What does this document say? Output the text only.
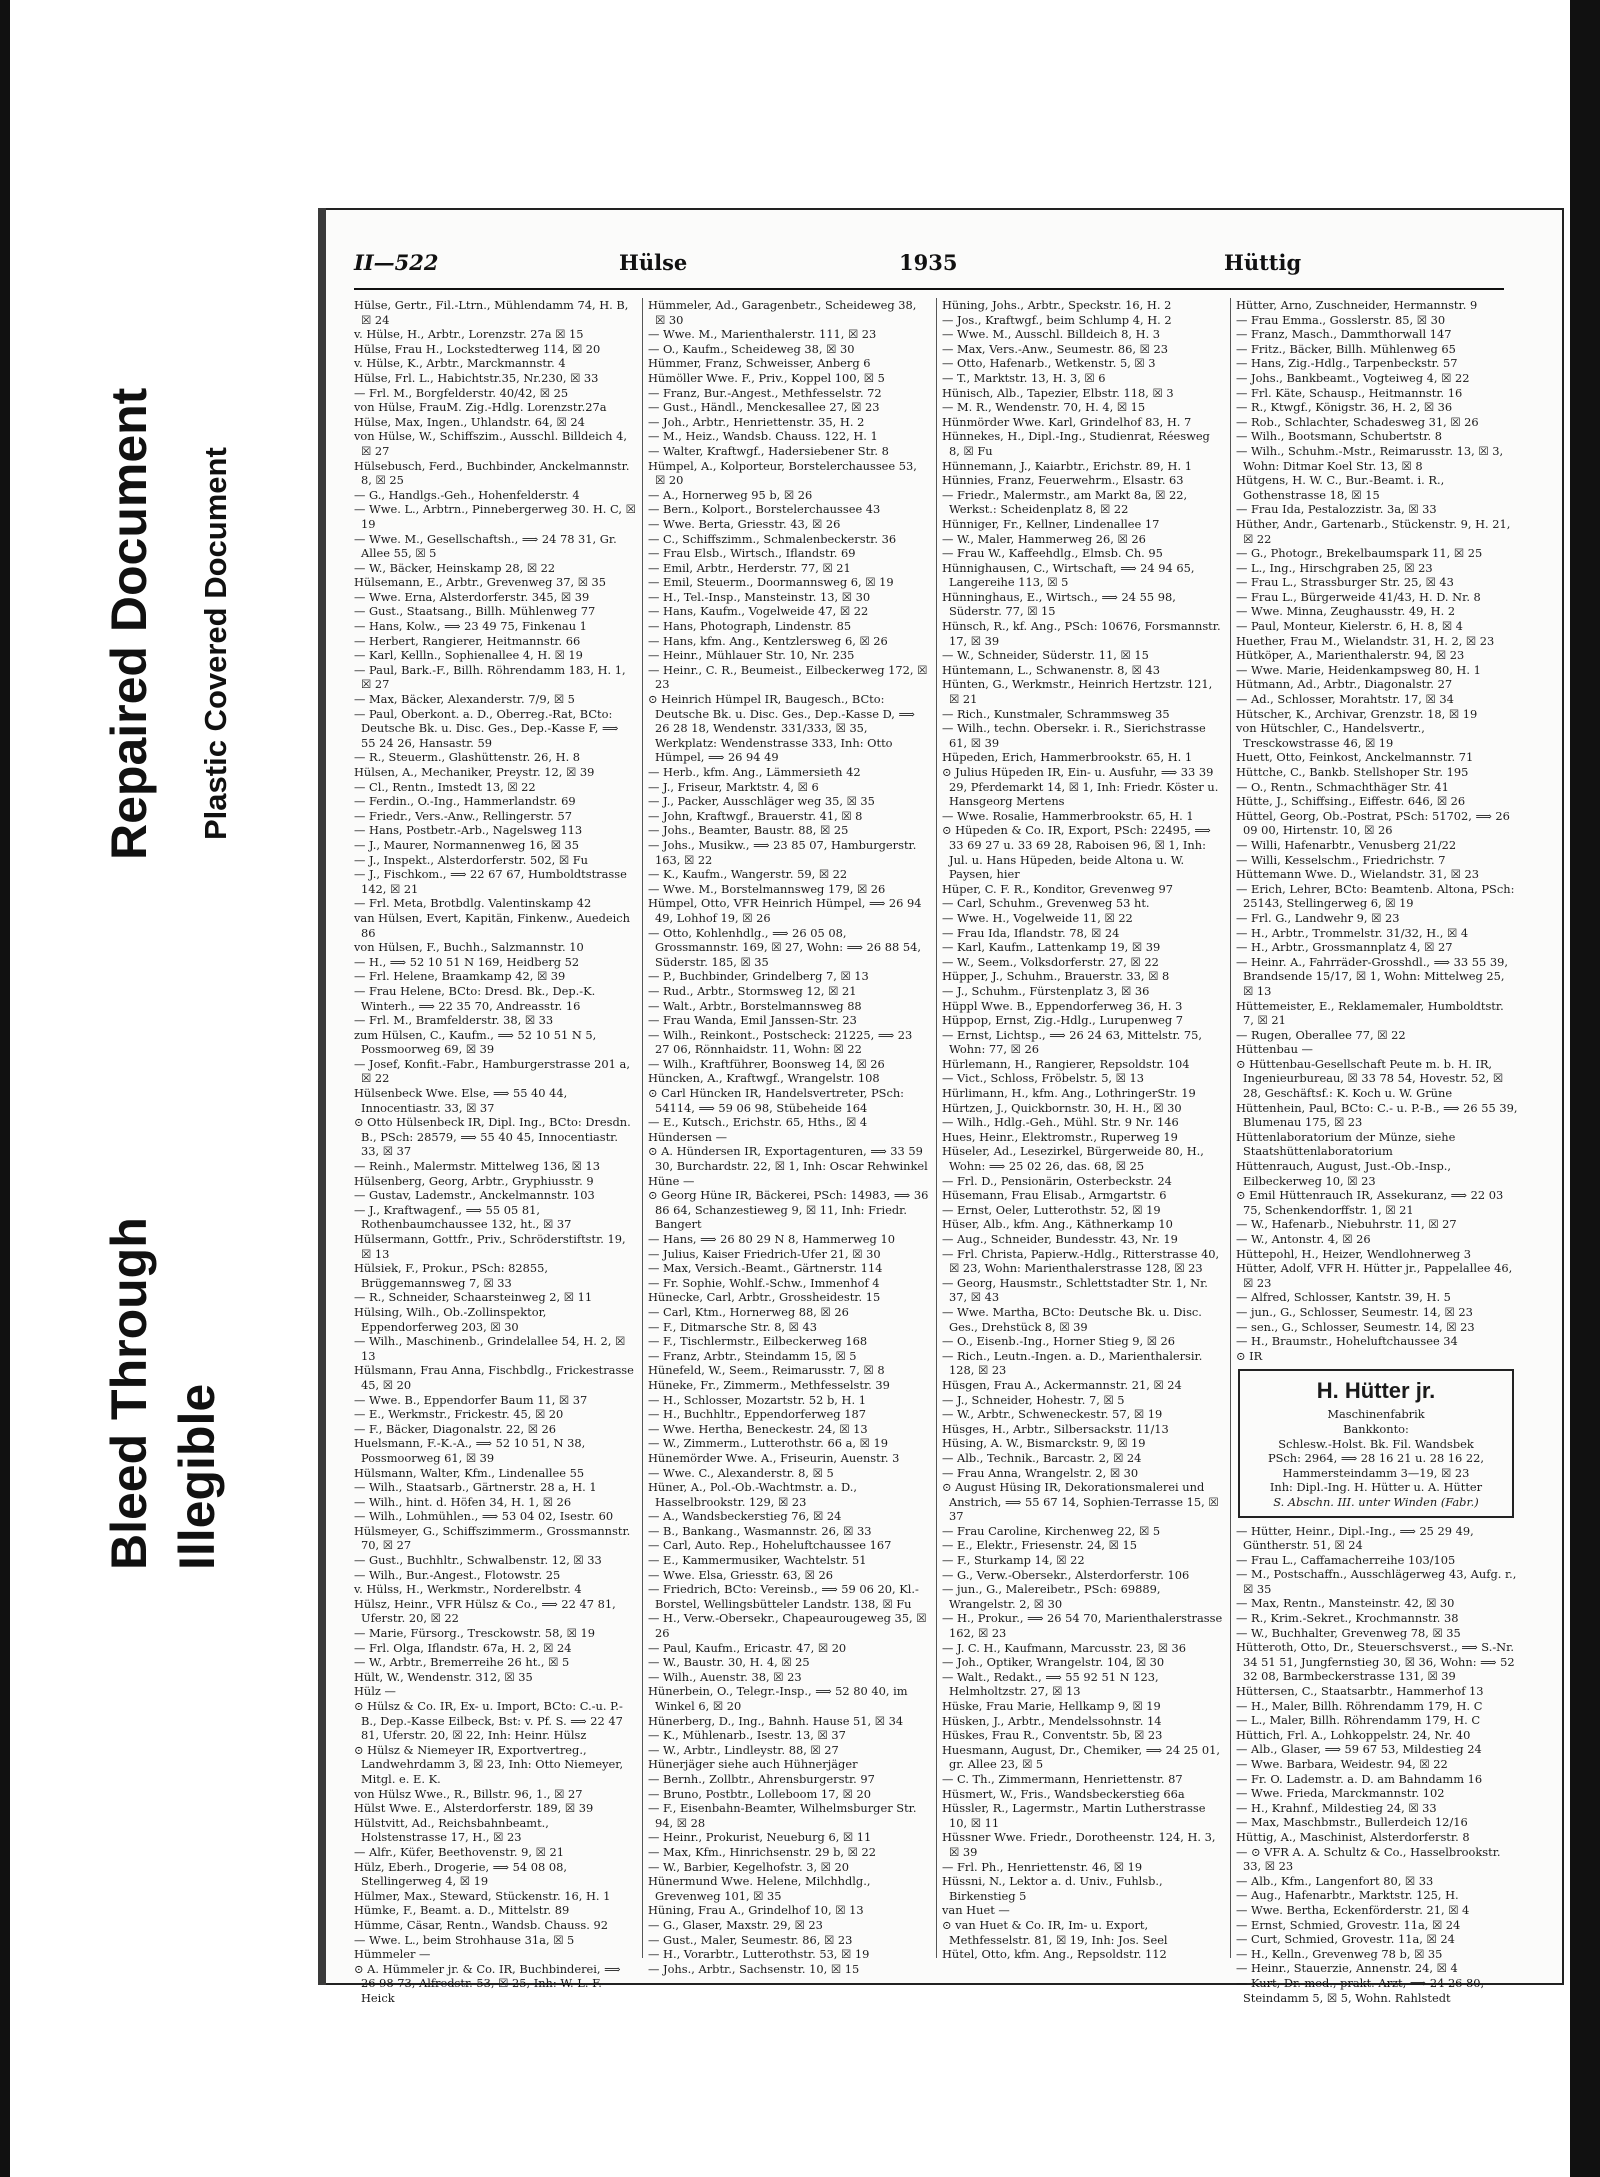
Bleed Through Illegible
Repaired Document Plastic Covered Document
II—522	Hülse	1935	Hüttig

Hülse, Gertr., Fil.-Ltrn., Mühlendamm 74, H. B, ☒ 24

v. Hülse, H., Arbtr., Lorenzstr. 27a ☒ 15

Hülse, Frau H., Lockstedterweg 114, ☒ 20

v. Hülse, K., Arbtr., Marckmannstr. 4

Hülse, Frl. L., Habichtstr.35, Nr.230, ☒ 33

— Frl. M., Borgfelderstr. 40/42, ☒ 25

von Hülse, FrauM. Zig.-Hdlg. Lorenzstr.27a

Hülse, Max, Ingen., Uhlandstr. 64, ☒ 24

von Hülse, W., Schiffszim., Ausschl. Billdeich 4, ☒ 27

Hülsebusch, Ferd., Buchbinder, Anckelmannstr. 8, ☒ 25

— G., Handlgs.-Geh., Hohenfelderstr. 4

— Wwe. L., Arbtrn., Pinnebergerweg 30. H. C, ☒ 19

— Wwe. M., Gesellschaftsh., ⟹ 24 78 31, Gr. Allee 55, ☒ 5

— W., Bäcker, Heinskamp 28, ☒ 22

Hülsemann, E., Arbtr., Grevenweg 37, ☒ 35

— Wwe. Erna, Alsterdorferstr. 345, ☒ 39

— Gust., Staatsang., Billh. Mühlenweg 77

— Hans, Kolw., ⟹ 23 49 75, Finkenau 1

— Herbert, Rangierer, Heitmannstr. 66

— Karl, Kellln., Sophienallee 4, H. ☒ 19

— Paul, Bark.-F., Billh. Röhrendamm 183, H. 1, ☒ 27

— Max, Bäcker, Alexanderstr. 7/9, ☒ 5

— Paul, Oberkont. a. D., Oberreg.-Rat, BCto: Deutsche Bk. u. Disc. Ges., Dep.-Kasse F, ⟹ 55 24 26, Hansastr. 59

— R., Steuerm., Glashüttenstr. 26, H. 8

Hülsen, A., Mechaniker, Preystr. 12, ☒ 39

— Cl., Rentn., Imstedt 13, ☒ 22

— Ferdin., O.-Ing., Hammerlandstr. 69

— Friedr., Vers.-Anw., Rellingerstr. 57

— Hans, Postbetr.-Arb., Nagelsweg 113

— J., Maurer, Normannenweg 16, ☒ 35

— J., Inspekt., Alsterdorferstr. 502, ☒ Fu

— J., Fischkom., ⟹ 22 67 67, Humboldtstrasse 142, ☒ 21

— Frl. Meta, Brotbdlg. Valentinskamp 42

van Hülsen, Evert, Kapitän, Finkenw., Auedeich 86

von Hülsen, F., Buchh., Salzmannstr. 10

— H., ⟹ 52 10 51 N 169, Heidberg 52

— Frl. Helene, Braamkamp 42, ☒ 39

— Frau Helene, BCto: Dresd. Bk., Dep.-K. Winterh., ⟹ 22 35 70, Andreasstr. 16

— Frl. M., Bramfelderstr. 38, ☒ 33

zum Hülsen, C., Kaufm., ⟹ 52 10 51 N 5, Possmoorweg 69, ☒ 39

— Josef, Konfit.-Fabr., Hamburgerstrasse 201 a, ☒ 22

Hülsenbeck Wwe. Else, ⟹ 55 40 44, Innocentiastr. 33, ☒ 37

⊙ Otto Hülsenbeck IR, Dipl. Ing., BCto: Dresdn. B., PSch: 28579, ⟹ 55 40 45, Innocentiastr. 33, ☒ 37

— Reinh., Malermstr. Mittelweg 136, ☒ 13

Hülsenberg, Georg, Arbtr., Gryphiusstr. 9

— Gustav, Lademstr., Anckelmannstr. 103

— J., Kraftwagenf., ⟹ 55 05 81, Rothenbaumchaussee 132, ht., ☒ 37

Hülsermann, Gottfr., Priv., Schröderstiftstr. 19, ☒ 13

Hülsiek, F., Prokur., PSch: 82855, Brüggemannsweg 7, ☒ 33

— R., Schneider, Schaarsteinweg 2, ☒ 11

Hülsing, Wilh., Ob.-Zollinspektor, Eppendorferweg 203, ☒ 30

— Wilh., Maschinenb., Grindelallee 54, H. 2, ☒ 13

Hülsmann, Frau Anna, Fischbdlg., Frickestrasse 45, ☒ 20

— Wwe. B., Eppendorfer Baum 11, ☒ 37

— E., Werkmstr., Frickestr. 45, ☒ 20

— F., Bäcker, Diagonalstr. 22, ☒ 26

Huelsmann, F.-K.-A., ⟹ 52 10 51, N 38, Possmoorweg 61, ☒ 39

Hülsmann, Walter, Kfm., Lindenallee 55

— Wilh., Staatsarb., Gärtnerstr. 28 a, H. 1

— Wilh., hint. d. Höfen 34, H. 1, ☒ 26

— Wilh., Lohmühlen., ⟹ 53 04 02, Isestr. 60

Hülsmeyer, G., Schiffszimmerm., Grossmannstr. 70, ☒ 27

— Gust., Buchhltr., Schwalbenstr. 12, ☒ 33

— Wilh., Bur.-Angest., Flotowstr. 25

v. Hülss, H., Werkmstr., Norderelbstr. 4

Hülsz, Heinr., VFR Hülsz & Co., ⟹ 22 47 81, Uferstr. 20, ☒ 22

— Marie, Fürsorg., Tresckowstr. 58, ☒ 19

— Frl. Olga, Iflandstr. 67a, H. 2, ☒ 24

— W., Arbtr., Bremerreihe 26 ht., ☒ 5

Hült, W., Wendenstr. 312, ☒ 35

Hülz —

⊙ Hülsz & Co. IR, Ex- u. Import, BCto: C.-u. P.-B., Dep.-Kasse Eilbeck, Bst: v. Pf. S. ⟹ 22 47 81, Uferstr. 20, ☒ 22, Inh: Heinr. Hülsz

⊙ Hülsz & Niemeyer IR, Exportvertreg., Landwehrdamm 3, ☒ 23, Inh: Otto Niemeyer, Mitgl. e. E. K.

von Hülsz Wwe., R., Billstr. 96, 1., ☒ 27

Hülst Wwe. E., Alsterdorferstr. 189, ☒ 39

Hülstvitt, Ad., Reichsbahnbeamt., Holstenstrasse 17, H., ☒ 23

— Alfr., Küfer, Beethovenstr. 9, ☒ 21

Hülz, Eberh., Drogerie, ⟹ 54 08 08, Stellingerweg 4, ☒ 19

Hülmer, Max., Steward, Stückenstr. 16, H. 1

Hümke, F., Beamt. a. D., Mittelstr. 89

Hümme, Cäsar, Rentn., Wandsb. Chauss. 92

— Wwe. L., beim Strohhause 31a, ☒ 5

Hümmeler —

⊙ A. Hümmeler jr. & Co. IR, Buchbinderei, ⟹ 26 98 73, Alfredstr. 53, ☒ 25, Inh: W. L. F. Heick

Hümmeler, Ad., Garagenbetr., Scheideweg 38, ☒ 30

— Wwe. M., Marienthalerstr. 111, ☒ 23

— O., Kaufm., Scheideweg 38, ☒ 30

Hümmer, Franz, Schweisser, Anberg 6

Hümöller Wwe. F., Priv., Koppel 100, ☒ 5

— Franz, Bur.-Angest., Methfesselstr. 72

— Gust., Händl., Menckesallee 27, ☒ 23

— Joh., Arbtr., Henriettenstr. 35, H. 2

— M., Heiz., Wandsb. Chauss. 122, H. 1

— Walter, Kraftwgf., Hadersiebener Str. 8

Hümpel, A., Kolporteur, Borstelerchaussee 53, ☒ 20

— A., Hornerweg 95 b, ☒ 26

— Bern., Kolport., Borstelerchaussee 43

— Wwe. Berta, Griesstr. 43, ☒ 26

— C., Schiffszimm., Schmalenbeckerstr. 36

— Frau Elsb., Wirtsch., Iflandstr. 69

— Emil, Arbtr., Herderstr. 77, ☒ 21

— Emil, Steuerm., Doormannsweg 6, ☒ 19

— H., Tel.-Insp., Mansteinstr. 13, ☒ 30

— Hans, Kaufm., Vogelweide 47, ☒ 22

— Hans, Photograph, Lindenstr. 85

— Hans, kfm. Ang., Kentzlersweg 6, ☒ 26

— Heinr., Mühlauer Str. 10, Nr. 235

— Heinr., C. R., Beumeist., Eilbeckerweg 172, ☒ 23

⊙ Heinrich Hümpel IR, Baugesch., BCto: Deutsche Bk. u. Disc. Ges., Dep.-Kasse D, ⟹ 26 28 18, Wendenstr. 331/333, ☒ 35, Werkplatz: Wendenstrasse 333, Inh: Otto Hümpel, ⟹ 26 94 49

— Herb., kfm. Ang., Lämmersieth 42

— J., Friseur, Marktstr. 4, ☒ 6

— J., Packer, Ausschläger weg 35, ☒ 35

— John, Kraftwgf., Brauerstr. 41, ☒ 8

— Johs., Beamter, Baustr. 88, ☒ 25

— Johs., Musikw., ⟹ 23 85 07, Hamburgerstr. 163, ☒ 22

— K., Kaufm., Wangerstr. 59, ☒ 22

— Wwe. M., Borstelmannsweg 179, ☒ 26

Hümpel, Otto, VFR Heinrich Hümpel, ⟹ 26 94 49, Lohhof 19, ☒ 26

— Otto, Kohlenhdlg., ⟹ 26 05 08, Grossmannstr. 169, ☒ 27, Wohn: ⟹ 26 88 54, Süderstr. 185, ☒ 35

— P., Buchbinder, Grindelberg 7, ☒ 13

— Rud., Arbtr., Stormsweg 12, ☒ 21

— Walt., Arbtr., Borstelmannsweg 88

— Frau Wanda, Emil Janssen-Str. 23

— Wilh., Reinkont., Postscheck: 21225, ⟹ 23 27 06, Rönnhaidstr. 11, Wohn: ☒ 22

— Wilh., Kraftführer, Boonsweg 14, ☒ 26

Hüncken, A., Kraftwgf., Wrangelstr. 108

⊙ Carl Hüncken IR, Handelsvertreter, PSch: 54114, ⟹ 59 06 98, Stübeheide 164

— E., Kutsch., Erichstr. 65, Hths., ☒ 4

Hündersen —

⊙ A. Hündersen IR, Exportagenturen, ⟹ 33 59 30, Burchardstr. 22, ☒ 1, Inh: Oscar Rehwinkel

Hüne —

⊙ Georg Hüne IR, Bäckerei, PSch: 14983, ⟹ 36 86 64, Schanzestieweg 9, ☒ 11, Inh: Friedr. Bangert

— Hans, ⟹ 26 80 29 N 8, Hammerweg 10

— Julius, Kaiser Friedrich-Ufer 21, ☒ 30

— Max, Versich.-Beamt., Gärtnerstr. 114

— Fr. Sophie, Wohlf.-Schw., Immenhof 4

Hünecke, Carl, Arbtr., Grossheidestr. 15

— Carl, Ktm., Hornerweg 88, ☒ 26

— F., Ditmarsche Str. 8, ☒ 43

— F., Tischlermstr., Eilbeckerweg 168

— Franz, Arbtr., Steindamm 15, ☒ 5

Hünefeld, W., Seem., Reimarusstr. 7, ☒ 8

Hüneke, Fr., Zimmerm., Methfesselstr. 39

— H., Schlosser, Mozartstr. 52 b, H. 1

— H., Buchhltr., Eppendorferweg 187

— Wwe. Hertha, Beneckestr. 24, ☒ 13

— W., Zimmerm., Lutterothstr. 66 a, ☒ 19

Hünemörder Wwe. A., Friseurin, Auenstr. 3

— Wwe. C., Alexanderstr. 8, ☒ 5

Hüner, A., Pol.-Ob.-Wachtmstr. a. D., Hasselbrookstr. 129, ☒ 23

— A., Wandsbeckerstieg 76, ☒ 24

— B., Bankang., Wasmannstr. 26, ☒ 33

— Carl, Auto. Rep., Hoheluftchaussee 167

— E., Kammermusiker, Wachtelstr. 51

— Wwe. Elsa, Griesstr. 63, ☒ 26

— Friedrich, BCto: Vereinsb., ⟹ 59 06 20, Kl.-Borstel, Wellingsbütteler Landstr. 138, ☒ Fu

— H., Verw.-Obersekr., Chapeaurougeweg 35, ☒ 26

— Paul, Kaufm., Ericastr. 47, ☒ 20

— W., Baustr. 30, H. 4, ☒ 25

— Wilh., Auenstr. 38, ☒ 23

Hünerbein, O., Telegr.-Insp., ⟹ 52 80 40, im Winkel 6, ☒ 20

Hünerberg, D., Ing., Bahnh. Hause 51, ☒ 34

— K., Mühlenarb., Isestr. 13, ☒ 37

— W., Arbtr., Lindleystr. 88, ☒ 27

Hünerjäger siehe auch Hühnerjäger

— Bernh., Zollbtr., Ahrensburgerstr. 97

— Bruno, Postbtr., Lolleboom 17, ☒ 20

— F., Eisenbahn-Beamter, Wilhelmsburger Str. 94, ☒ 28

— Heinr., Prokurist, Neueburg 6, ☒ 11

— Max, Kfm., Hinrichsenstr. 29 b, ☒ 22

— W., Barbier, Kegelhofstr. 3, ☒ 20

Hünermund Wwe. Helene, Milchhdlg., Grevenweg 101, ☒ 35

Hüning, Frau A., Grindelhof 10, ☒ 13

— G., Glaser, Maxstr. 29, ☒ 23

— Gust., Maler, Seumestr. 86, ☒ 23

— H., Vorarbtr., Lutterothstr. 53, ☒ 19

— Johs., Arbtr., Sachsenstr. 10, ☒ 15

Hüning, Johs., Arbtr., Speckstr. 16, H. 2

— Jos., Kraftwgf., beim Schlump 4, H. 2

— Wwe. M., Ausschl. Billdeich 8, H. 3

— Max, Vers.-Anw., Seumestr. 86, ☒ 23

— Otto, Hafenarb., Wetkenstr. 5, ☒ 3

— T., Marktstr. 13, H. 3, ☒ 6

Hünisch, Alb., Tapezier, Elbstr. 118, ☒ 3

— M. R., Wendenstr. 70, H. 4, ☒ 15

Hünmörder Wwe. Karl, Grindelhof 83, H. 7

Hünnekes, H., Dipl.-Ing., Studienrat, Réesweg 8, ☒ Fu

Hünnemann, J., Kaiarbtr., Erichstr. 89, H. 1

Hünnies, Franz, Feuerwehrm., Elsastr. 63

— Friedr., Malermstr., am Markt 8a, ☒ 22, Werkst.: Scheidenplatz 8, ☒ 22

Hünniger, Fr., Kellner, Lindenallee 17

— W., Maler, Hammerweg 26, ☒ 26

— Frau W., Kaffeehdlg., Elmsb. Ch. 95

Hünnighausen, C., Wirtschaft, ⟹ 24 94 65, Langereihe 113, ☒ 5

Hünninghaus, E., Wirtsch., ⟹ 24 55 98, Süderstr. 77, ☒ 15

Hünsch, R., kf. Ang., PSch: 10676, Forsmannstr. 17, ☒ 39

— W., Schneider, Süderstr. 11, ☒ 15

Hüntemann, L., Schwanenstr. 8, ☒ 43

Hünten, G., Werkmstr., Heinrich Hertzstr. 121, ☒ 21

— Rich., Kunstmaler, Schrammsweg 35

— Wilh., techn. Obersekr. i. R., Sierichstrasse 61, ☒ 39

Hüpeden, Erich, Hammerbrookstr. 65, H. 1

⊙ Julius Hüpeden IR, Ein- u. Ausfuhr, ⟹ 33 39 29, Pferdemarkt 14, ☒ 1, Inh: Friedr. Köster u. Hansgeorg Mertens

— Wwe. Rosalie, Hammerbrookstr. 65, H. 1

⊙ Hüpeden & Co. IR, Export, PSch: 22495, ⟹ 33 69 27 u. 33 69 28, Raboisen 96, ☒ 1, Inh: Jul. u. Hans Hüpeden, beide Altona u. W. Paysen, hier

Hüper, C. F. R., Konditor, Grevenweg 97

— Carl, Schuhm., Grevenweg 53 ht.

— Wwe. H., Vogelweide 11, ☒ 22

— Frau Ida, Iflandstr. 78, ☒ 24

— Karl, Kaufm., Lattenkamp 19, ☒ 39

— W., Seem., Volksdorferstr. 27, ☒ 22

Hüpper, J., Schuhm., Brauerstr. 33, ☒ 8

— J., Schuhm., Fürstenplatz 3, ☒ 36

Hüppl Wwe. B., Eppendorferweg 36, H. 3

Hüppop, Ernst, Zig.-Hdlg., Lurupenweg 7

— Ernst, Lichtsp., ⟹ 26 24 63, Mittelstr. 75, Wohn: 77, ☒ 26

Hürlemann, H., Rangierer, Repsoldstr. 104

— Vict., Schloss, Fröbelstr. 5, ☒ 13

Hürlimann, H., kfm. Ang., LothringerStr. 19

Hürtzen, J., Quickbornstr. 30, H. H., ☒ 30

— Wilh., Hdlg.-Geh., Mühl. Str. 9 Nr. 146

Hues, Heinr., Elektromstr., Ruperweg 19

Hüseler, Ad., Lesezirkel, Bürgerweide 80, H., Wohn: ⟹ 25 02 26, das. 68, ☒ 25

— Frl. D., Pensionärin, Osterbeckstr. 24

Hüsemann, Frau Elisab., Armgartstr. 6

— Ernst, Oeler, Lutterothstr. 52, ☒ 19

Hüser, Alb., kfm. Ang., Käthnerkamp 10

— Aug., Schneider, Bundesstr. 43, Nr. 19

— Frl. Christa, Papierw.-Hdlg., Ritterstrasse 40, ☒ 23, Wohn: Marienthalerstrasse 128, ☒ 23

— Georg, Hausmstr., Schlettstadter Str. 1, Nr. 37, ☒ 43

— Wwe. Martha, BCto: Deutsche Bk. u. Disc. Ges., Drehstück 8, ☒ 39

— O., Eisenb.-Ing., Horner Stieg 9, ☒ 26

— Rich., Leutn.-Ingen. a. D., Marienthalersir. 128, ☒ 23

Hüsgen, Frau A., Ackermannstr. 21, ☒ 24

— J., Schneider, Hohestr. 7, ☒ 5

— W., Arbtr., Schweneckestr. 57, ☒ 19

Hüsges, H., Arbtr., Silbersackstr. 11/13

Hüsing, A. W., Bismarckstr. 9, ☒ 19

— Alb., Technik., Barcastr. 2, ☒ 24

— Frau Anna, Wrangelstr. 2, ☒ 30

⊙ August Hüsing IR, Dekorationsmalerei und Anstrich, ⟹ 55 67 14, Sophien-Terrasse 15, ☒ 37

— Frau Caroline, Kirchenweg 22, ☒ 5

— E., Elektr., Friesenstr. 24, ☒ 15

— F., Sturkamp 14, ☒ 22

— G., Verw.-Obersekr., Alsterdorferstr. 106

— jun., G., Malereibetr., PSch: 69889, Wrangelstr. 2, ☒ 30

— H., Prokur., ⟹ 26 54 70, Marienthalerstrasse 162, ☒ 23

— J. C. H., Kaufmann, Marcusstr. 23, ☒ 36

— Joh., Optiker, Wrangelstr. 104, ☒ 30

— Walt., Redakt., ⟹ 55 92 51 N 123, Helmholtzstr. 27, ☒ 13

Hüske, Frau Marie, Hellkamp 9, ☒ 19

Hüsken, J., Arbtr., Mendelssohnstr. 14

Hüskes, Frau R., Conventstr. 5b, ☒ 23

Huesmann, August, Dr., Chemiker, ⟹ 24 25 01, gr. Allee 23, ☒ 5

— C. Th., Zimmermann, Henriettenstr. 87

Hüsmert, W., Fris., Wandsbeckerstieg 66a

Hüssler, R., Lagermstr., Martin Lutherstrasse 10, ☒ 11

Hüssner Wwe. Friedr., Dorotheenstr. 124, H. 3, ☒ 39

— Frl. Ph., Henriettenstr. 46, ☒ 19

Hüssni, N., Lektor a. d. Univ., Fuhlsb., Birkenstieg 5

van Huet —

⊙ van Huet & Co. IR, Im- u. Export, Methfesselstr. 81, ☒ 19, Inh: Jos. Seel

Hütel, Otto, kfm. Ang., Repsoldstr. 112

Hütter, Arno, Zuschneider, Hermannstr. 9

— Frau Emma., Gosslerstr. 85, ☒ 30

— Franz, Masch., Dammthorwall 147

— Fritz., Bäcker, Billh. Mühlenweg 65

— Hans, Zig.-Hdlg., Tarpenbeckstr. 57

— Johs., Bankbeamt., Vogteiweg 4, ☒ 22

— Frl. Käte, Schausp., Heitmannstr. 16

— R., Ktwgf., Königstr. 36, H. 2, ☒ 36

— Rob., Schlachter, Schadesweg 31, ☒ 26

— Wilh., Bootsmann, Schubertstr. 8

— Wilh., Schuhm.-Mstr., Reimarusstr. 13, ☒ 3, Wohn: Ditmar Koel Str. 13, ☒ 8

Hütgens, H. W. C., Bur.-Beamt. i. R., Gothenstrasse 18, ☒ 15

— Frau Ida, Pestalozzistr. 3a, ☒ 33

Hüther, Andr., Gartenarb., Stückenstr. 9, H. 21, ☒ 22

— G., Photogr., Brekelbaumspark 11, ☒ 25

— L., Ing., Hirschgraben 25, ☒ 23

— Frau L., Strassburger Str. 25, ☒ 43

— Frau L., Bürgerweide 41/43, H. D. Nr. 8

— Wwe. Minna, Zeughausstr. 49, H. 2

— Paul, Monteur, Kielerstr. 6, H. 8, ☒ 4

Huether, Frau M., Wielandstr. 31, H. 2, ☒ 23

Hütköper, A., Marienthalerstr. 94, ☒ 23

— Wwe. Marie, Heidenkampsweg 80, H. 1

Hütmann, Ad., Arbtr., Diagonalstr. 27

— Ad., Schlosser, Morahtstr. 17, ☒ 34

Hütscher, K., Archivar, Grenzstr. 18, ☒ 19

von Hütschler, C., Handelsvertr., Tresckowstrasse 46, ☒ 19

Huett, Otto, Feinkost, Anckelmannstr. 71

Hüttche, C., Bankb. Stellshoper Str. 195

— O., Rentn., Schmachthäger Str. 41

Hütte, J., Schiffsing., Eiffestr. 646, ☒ 26

Hüttel, Georg, Ob.-Postrat, PSch: 51702, ⟹ 26 09 00, Hirtenstr. 10, ☒ 26

— Willi, Hafenarbtr., Venusberg 21/22

— Willi, Kesselschm., Friedrichstr. 7

Hüttemann Wwe. D., Wielandstr. 31, ☒ 23

— Erich, Lehrer, BCto: Beamtenb. Altona, PSch: 25143, Stellingerweg 6, ☒ 19

— Frl. G., Landwehr 9, ☒ 23

— H., Arbtr., Trommelstr. 31/32, H., ☒ 4

— H., Arbtr., Grossmannplatz 4, ☒ 27

— Heinr. A., Fahrräder-Grosshdl., ⟹ 33 55 39, Brandsende 15/17, ☒ 1, Wohn: Mittelweg 25, ☒ 13

Hüttemeister, E., Reklamemaler, Humboldtstr. 7, ☒ 21

— Rugen, Oberallee 77, ☒ 22

Hüttenbau —

⊙ Hüttenbau-Gesellschaft Peute m. b. H. IR, Ingenieurbureau, ☒ 33 78 54, Hovestr. 52, ☒ 28, Geschäftsf.: K. Koch u. W. Grüne

Hüttenhein, Paul, BCto: C.- u. P.-B., ⟹ 26 55 39, Blumenau 175, ☒ 23

Hüttenlaboratorium der Münze, siehe Staatshüttenlaboratorium

Hüttenrauch, August, Just.-Ob.-Insp., Eilbeckerweg 10, ☒ 23

⊙ Emil Hüttenrauch IR, Assekuranz, ⟹ 22 03 75, Schenkendorffstr. 1, ☒ 21

— W., Hafenarb., Niebuhrstr. 11, ☒ 27

— W., Antonstr. 4, ☒ 26

Hüttepohl, H., Heizer, Wendlohnerweg 3

Hütter, Adolf, VFR H. Hütter jr., Pappelallee 46, ☒ 23

— Alfred, Schlosser, Kantstr. 39, H. 5

— jun., G., Schlosser, Seumestr. 14, ☒ 23

— sen., G., Schlosser, Seumestr. 14, ☒ 23

— H., Braumstr., Hoheluftchaussee 34

⊙ IR

H. Hütter jr.
Maschinenfabrik
Bankkonto:
Schlesw.-Holst. Bk. Fil. Wandsbek
PSch: 2964, ⟹ 28 16 21 u. 28 16 22,
Hammersteindamm 3—19, ☒ 23
Inh: Dipl.-Ing. H. Hütter u. A. Hütter
S. Abschn. III. unter Winden (Fabr.)

— Hütter, Heinr., Dipl.-Ing., ⟹ 25 29 49, Güntherstr. 51, ☒ 24

— Frau L., Caffamacherreihe 103/105

— M., Postschaffn., Ausschlägerweg 43, Aufg. r., ☒ 35

— Max, Rentn., Mansteinstr. 42, ☒ 30

— R., Krim.-Sekret., Krochmannstr. 38

— W., Buchhalter, Grevenweg 78, ☒ 35

Hütteroth, Otto, Dr., Steuerschsverst., ⟹ S.-Nr. 34 51 51, Jungfernstieg 30, ☒ 36, Wohn: ⟹ 52 32 08, Barmbeckerstrasse 131, ☒ 39

Hüttersen, C., Staatsarbtr., Hammerhof 13

— H., Maler, Billh. Röhrendamm 179, H. C

— L., Maler, Billh. Röhrendamm 179, H. C

Hüttich, Frl. A., Lohkoppelstr. 24, Nr. 40

— Alb., Glaser, ⟹ 59 67 53, Mildestieg 24

— Wwe. Barbara, Weidestr. 94, ☒ 22

— Fr. O. Lademstr. a. D. am Bahndamm 16

— Wwe. Frieda, Marckmannstr. 102

— H., Krahnf., Mildestieg 24, ☒ 33

— Max, Maschbmstr., Bullerdeich 12/16

Hüttig, A., Maschinist, Alsterdorferstr. 8

— ⊙ VFR A. A. Schultz & Co., Hasselbrookstr. 33, ☒ 23

— Alb., Kfm., Langenfort 80, ☒ 33

— Aug., Hafenarbtr., Marktstr. 125, H.

— Wwe. Bertha, Eckenförderstr. 21, ☒ 4

— Ernst, Schmied, Grovestr. 11a, ☒ 24

— Curt, Schmied, Grovestr. 11a, ☒ 24

— H., Kelln., Grevenweg 78 b, ☒ 35

— Heinr., Stauerzie, Annenstr. 24, ☒ 4

— Kurt, Dr. med., prakt. Arzt, ⟹ 24 26 80, Steindamm 5, ☒ 5, Wohn. Rahlstedt
